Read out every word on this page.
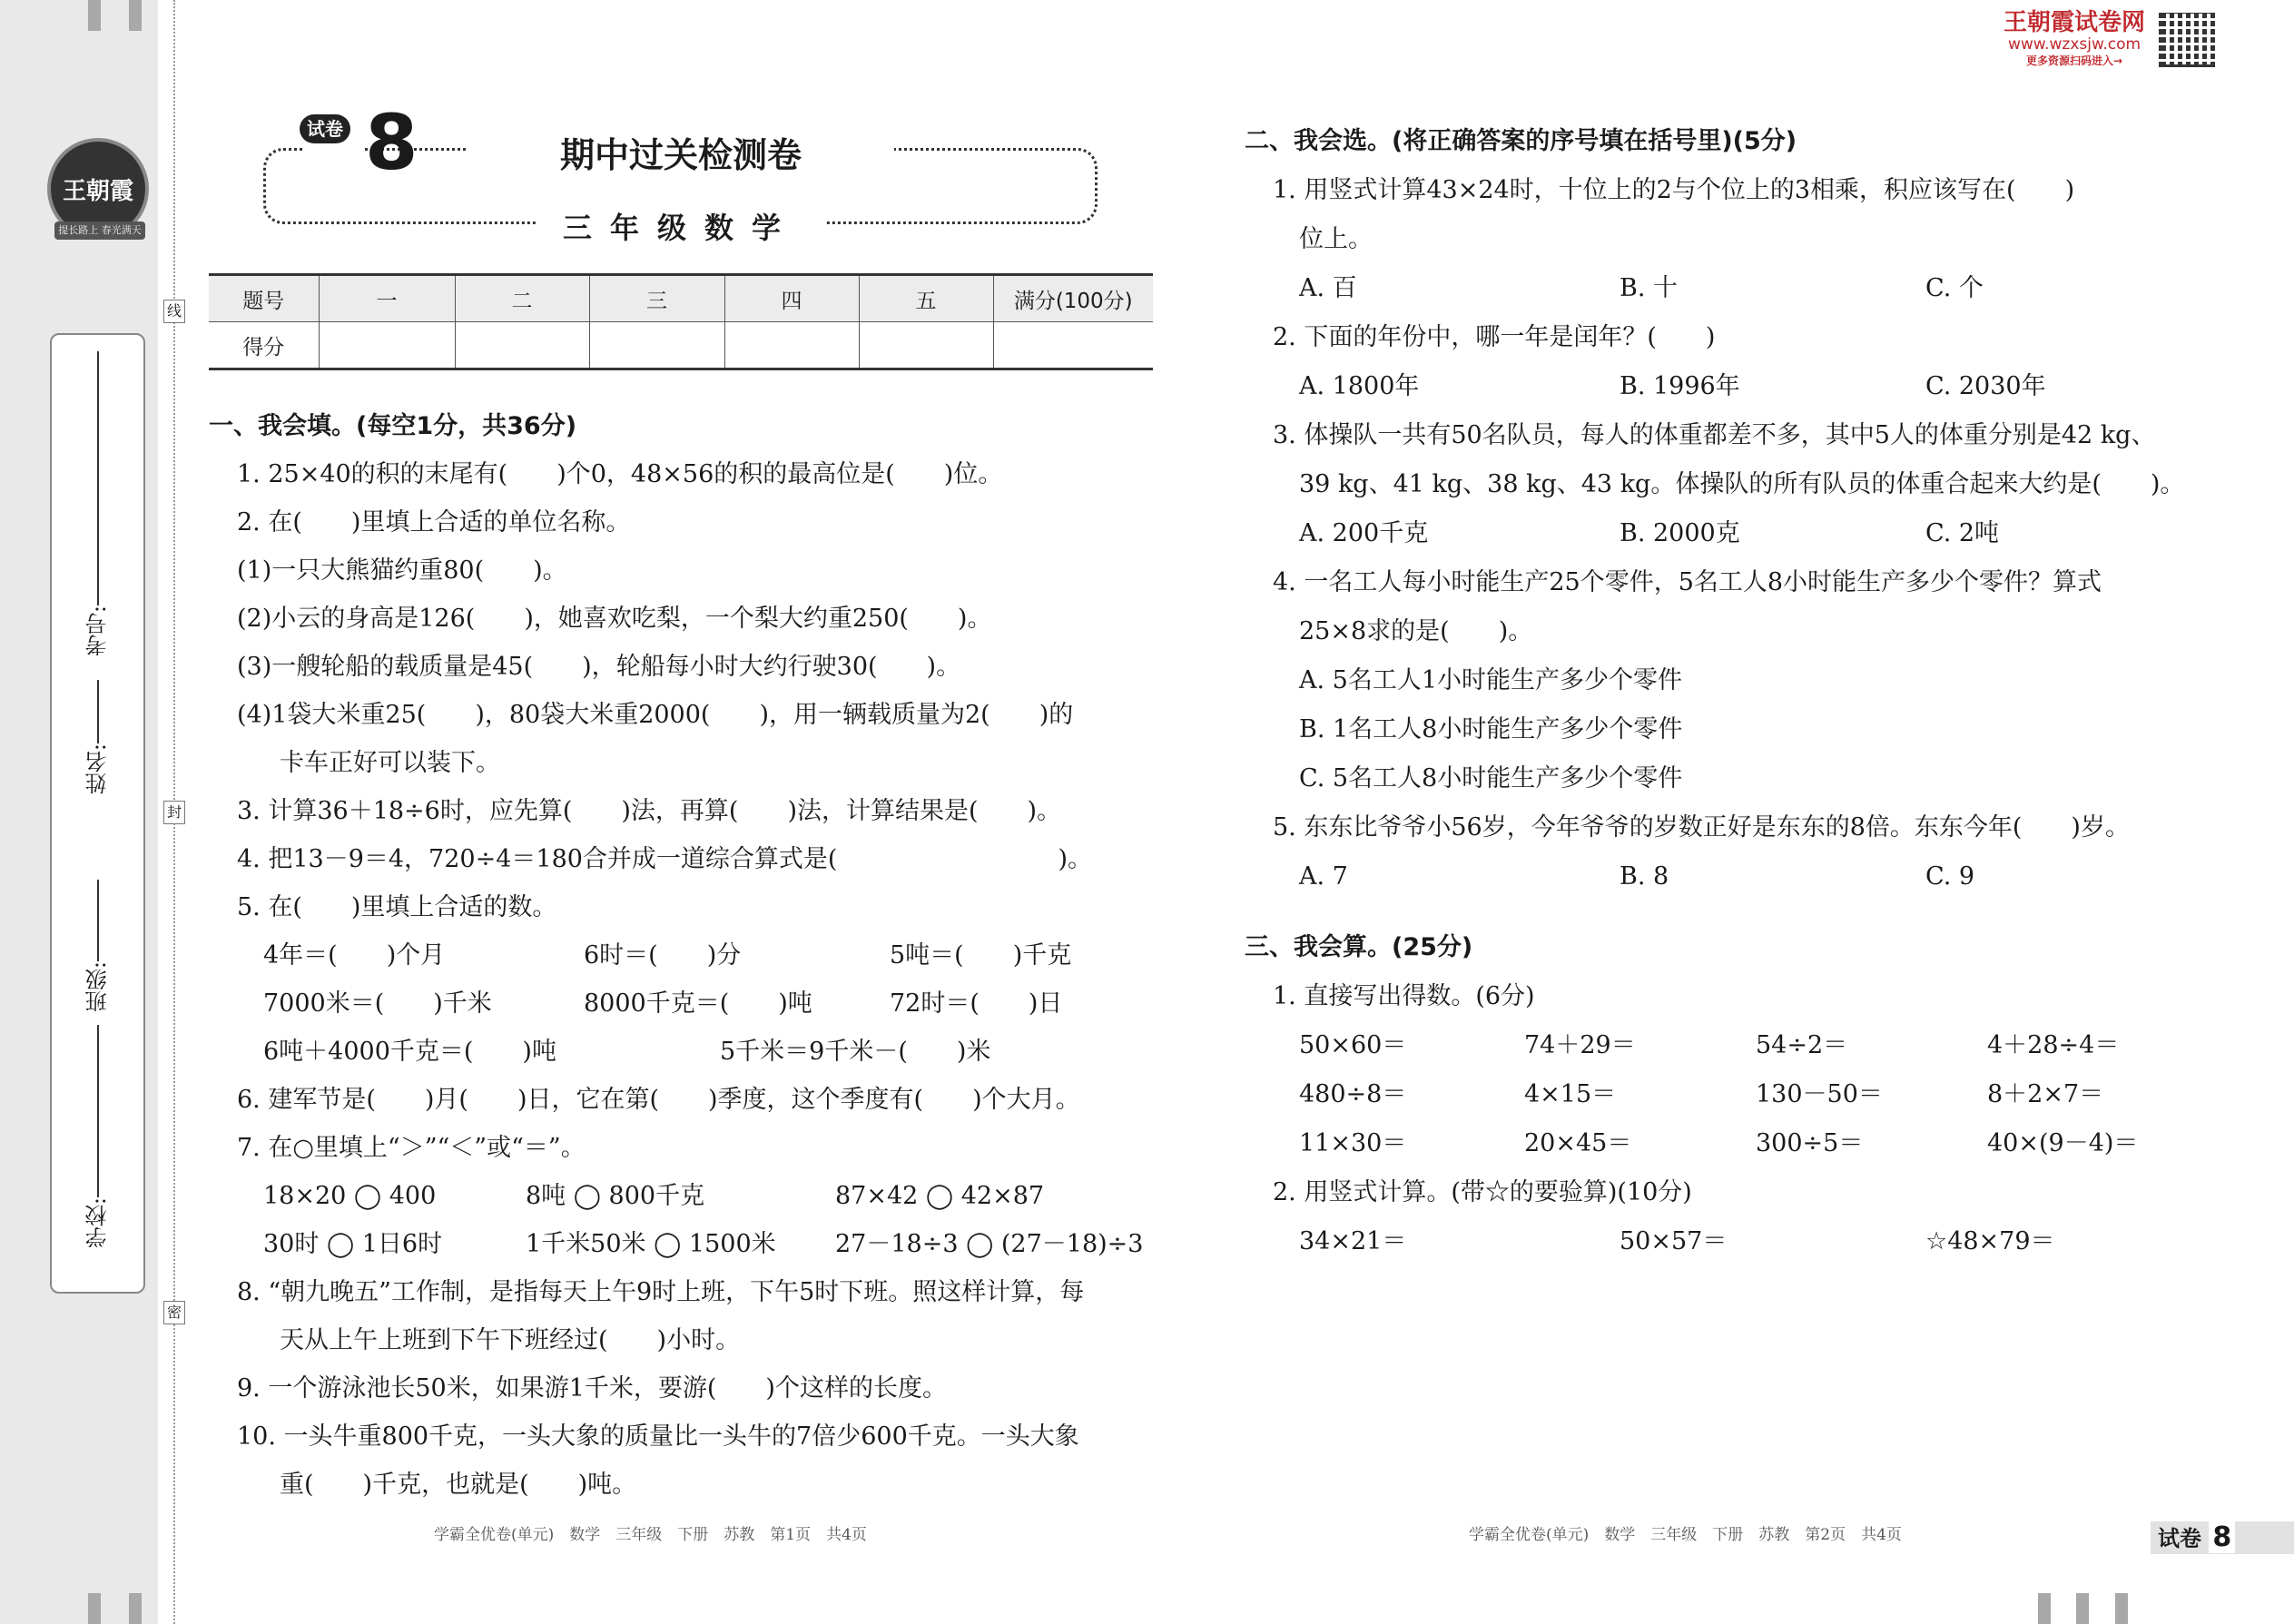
线
封
密
王朝霞
提长路上 春光满天
考号:
姓名:
班级:
学校:
试卷 8	期中过关检测卷
三年级数学
王朝霞试卷网
www.wzxsjw.com
更多资源扫码进入→
题号	一	二	三	四	五	满分(100分)
得分						
一、我会填。(每空1分，共36分)
1. 25×40的积的末尾有(　　)个0，48×56的积的最高位是(　　)位。
2. 在(　　)里填上合适的单位名称。
(1)一只大熊猫约重80(　　)。
(2)小云的身高是126(　　)，她喜欢吃梨，一个梨大约重250(　　)。
(3)一艘轮船的载质量是45(　　)，轮船每小时大约行驶30(　　)。
(4)1袋大米重25(　　)，80袋大米重2000(　　)，用一辆载质量为2(　　)的
卡车正好可以装下。
3. 计算36＋18÷6时，应先算(　　)法，再算(　　)法，计算结果是(　　)。
4. 把13－9＝4，720÷4＝180合并成一道综合算式是(　　　　　　　　　)。
5. 在(　　)里填上合适的数。
4年＝(　　)个月	6时＝(　　)分	5吨＝(　　)千克
7000米＝(　　)千米	8000千克＝(　　)吨	72时＝(　　)日
6吨＋4000千克＝(　　)吨	5千米＝9千米－(　　)米
6. 建军节是(　　)月(　　)日，它在第(　　)季度，这个季度有(　　)个大月。
7. 在○里填上“＞”“＜”或“＝”。
18×20 ◯ 400	8吨 ◯ 800千克	87×42 ◯ 42×87
30时 ◯ 1日6时	1千米50米 ◯ 1500米 27－18÷3 ◯ (27－18)÷3
8. “朝九晚五”工作制，是指每天上午9时上班，下午5时下班。照这样计算，每
天从上午上班到下午下班经过(　　)小时。
9. 一个游泳池长50米，如果游1千米，要游(　　)个这样的长度。
10. 一头牛重800千克，一头大象的质量比一头牛的7倍少600千克。一头大象
重(　　)千克，也就是(　　)吨。
二、我会选。(将正确答案的序号填在括号里)(5分)
1. 用竖式计算43×24时，十位上的2与个位上的3相乘，积应该写在(　　)
位上。
A. 百	B. 十	C. 个
2. 下面的年份中，哪一年是闰年？(　　)
A. 1800年	B. 1996年	C. 2030年
3. 体操队一共有50名队员，每人的体重都差不多，其中5人的体重分别是42 kg、
39 kg、41 kg、38 kg、43 kg。体操队的所有队员的体重合起来大约是(　　)。
A. 200千克	B. 2000克	C. 2吨
4. 一名工人每小时能生产25个零件，5名工人8小时能生产多少个零件？算式
25×8求的是(　　)。
A. 5名工人1小时能生产多少个零件
B. 1名工人8小时能生产多少个零件
C. 5名工人8小时能生产多少个零件
5. 东东比爷爷小56岁，今年爷爷的岁数正好是东东的8倍。东东今年(　　)岁。
A. 7	B. 8	C. 9
三、我会算。(25分)
1. 直接写出得数。(6分)
50×60＝	74＋29＝	54÷2＝	4＋28÷4＝
480÷8＝	4×15＝	130－50＝	8＋2×7＝
11×30＝	20×45＝	300÷5＝	40×(9－4)＝
2. 用竖式计算。(带☆的要验算)(10分)
34×21＝	50×57＝	☆48×79＝
学霸全优卷(单元)　数学　三年级　下册　苏教　第1页　共4页	学霸全优卷(单元)　数学　三年级　下册　苏教　第2页　共4页	试卷 8
